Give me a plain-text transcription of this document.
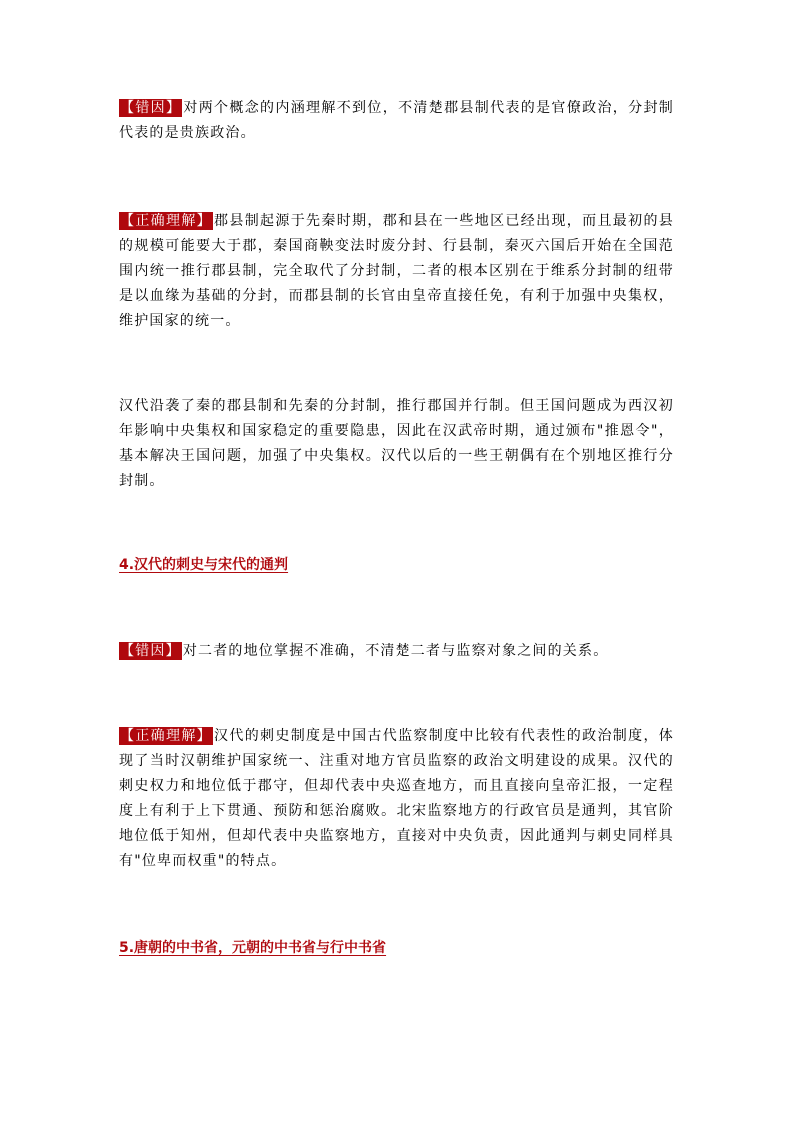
【错因】 对两个概念的内涵理解不到位，不清楚郡县制代表的是官僚政治，分封制代表的是贵族政治。

【正确理解】 郡县制起源于先秦时期，郡和县在一些地区已经出现，而且最初的县的规模可能要大于郡，秦国商鞅变法时废分封、行县制，秦灭六国后开始在全国范围内统一推行郡县制，完全取代了分封制，二者的根本区别在于维系分封制的纽带是以血缘为基础的分封，而郡县制的长官由皇帝直接任免，有利于加强中央集权，维护国家的统一。

汉代沿袭了秦的郡县制和先秦的分封制，推行郡国并行制。但王国问题成为西汉初年影响中央集权和国家稳定的重要隐患，因此在汉武帝时期，通过颁布"推恩令"，基本解决王国问题，加强了中央集权。汉代以后的一些王朝偶有在个别地区推行分封制。

4.汉代的刺史与宋代的通判

【错因】 对二者的地位掌握不准确，不清楚二者与监察对象之间的关系。

【正确理解】 汉代的刺史制度是中国古代监察制度中比较有代表性的政治制度，体现了当时汉朝维护国家统一、注重对地方官员监察的政治文明建设的成果。汉代的刺史权力和地位低于郡守，但却代表中央巡查地方，而且直接向皇帝汇报，一定程度上有利于上下贯通、预防和惩治腐败。北宋监察地方的行政官员是通判，其官阶地位低于知州，但却代表中央监察地方，直接对中央负责，因此通判与刺史同样具有"位卑而权重"的特点。

5.唐朝的中书省，元朝的中书省与行中书省
